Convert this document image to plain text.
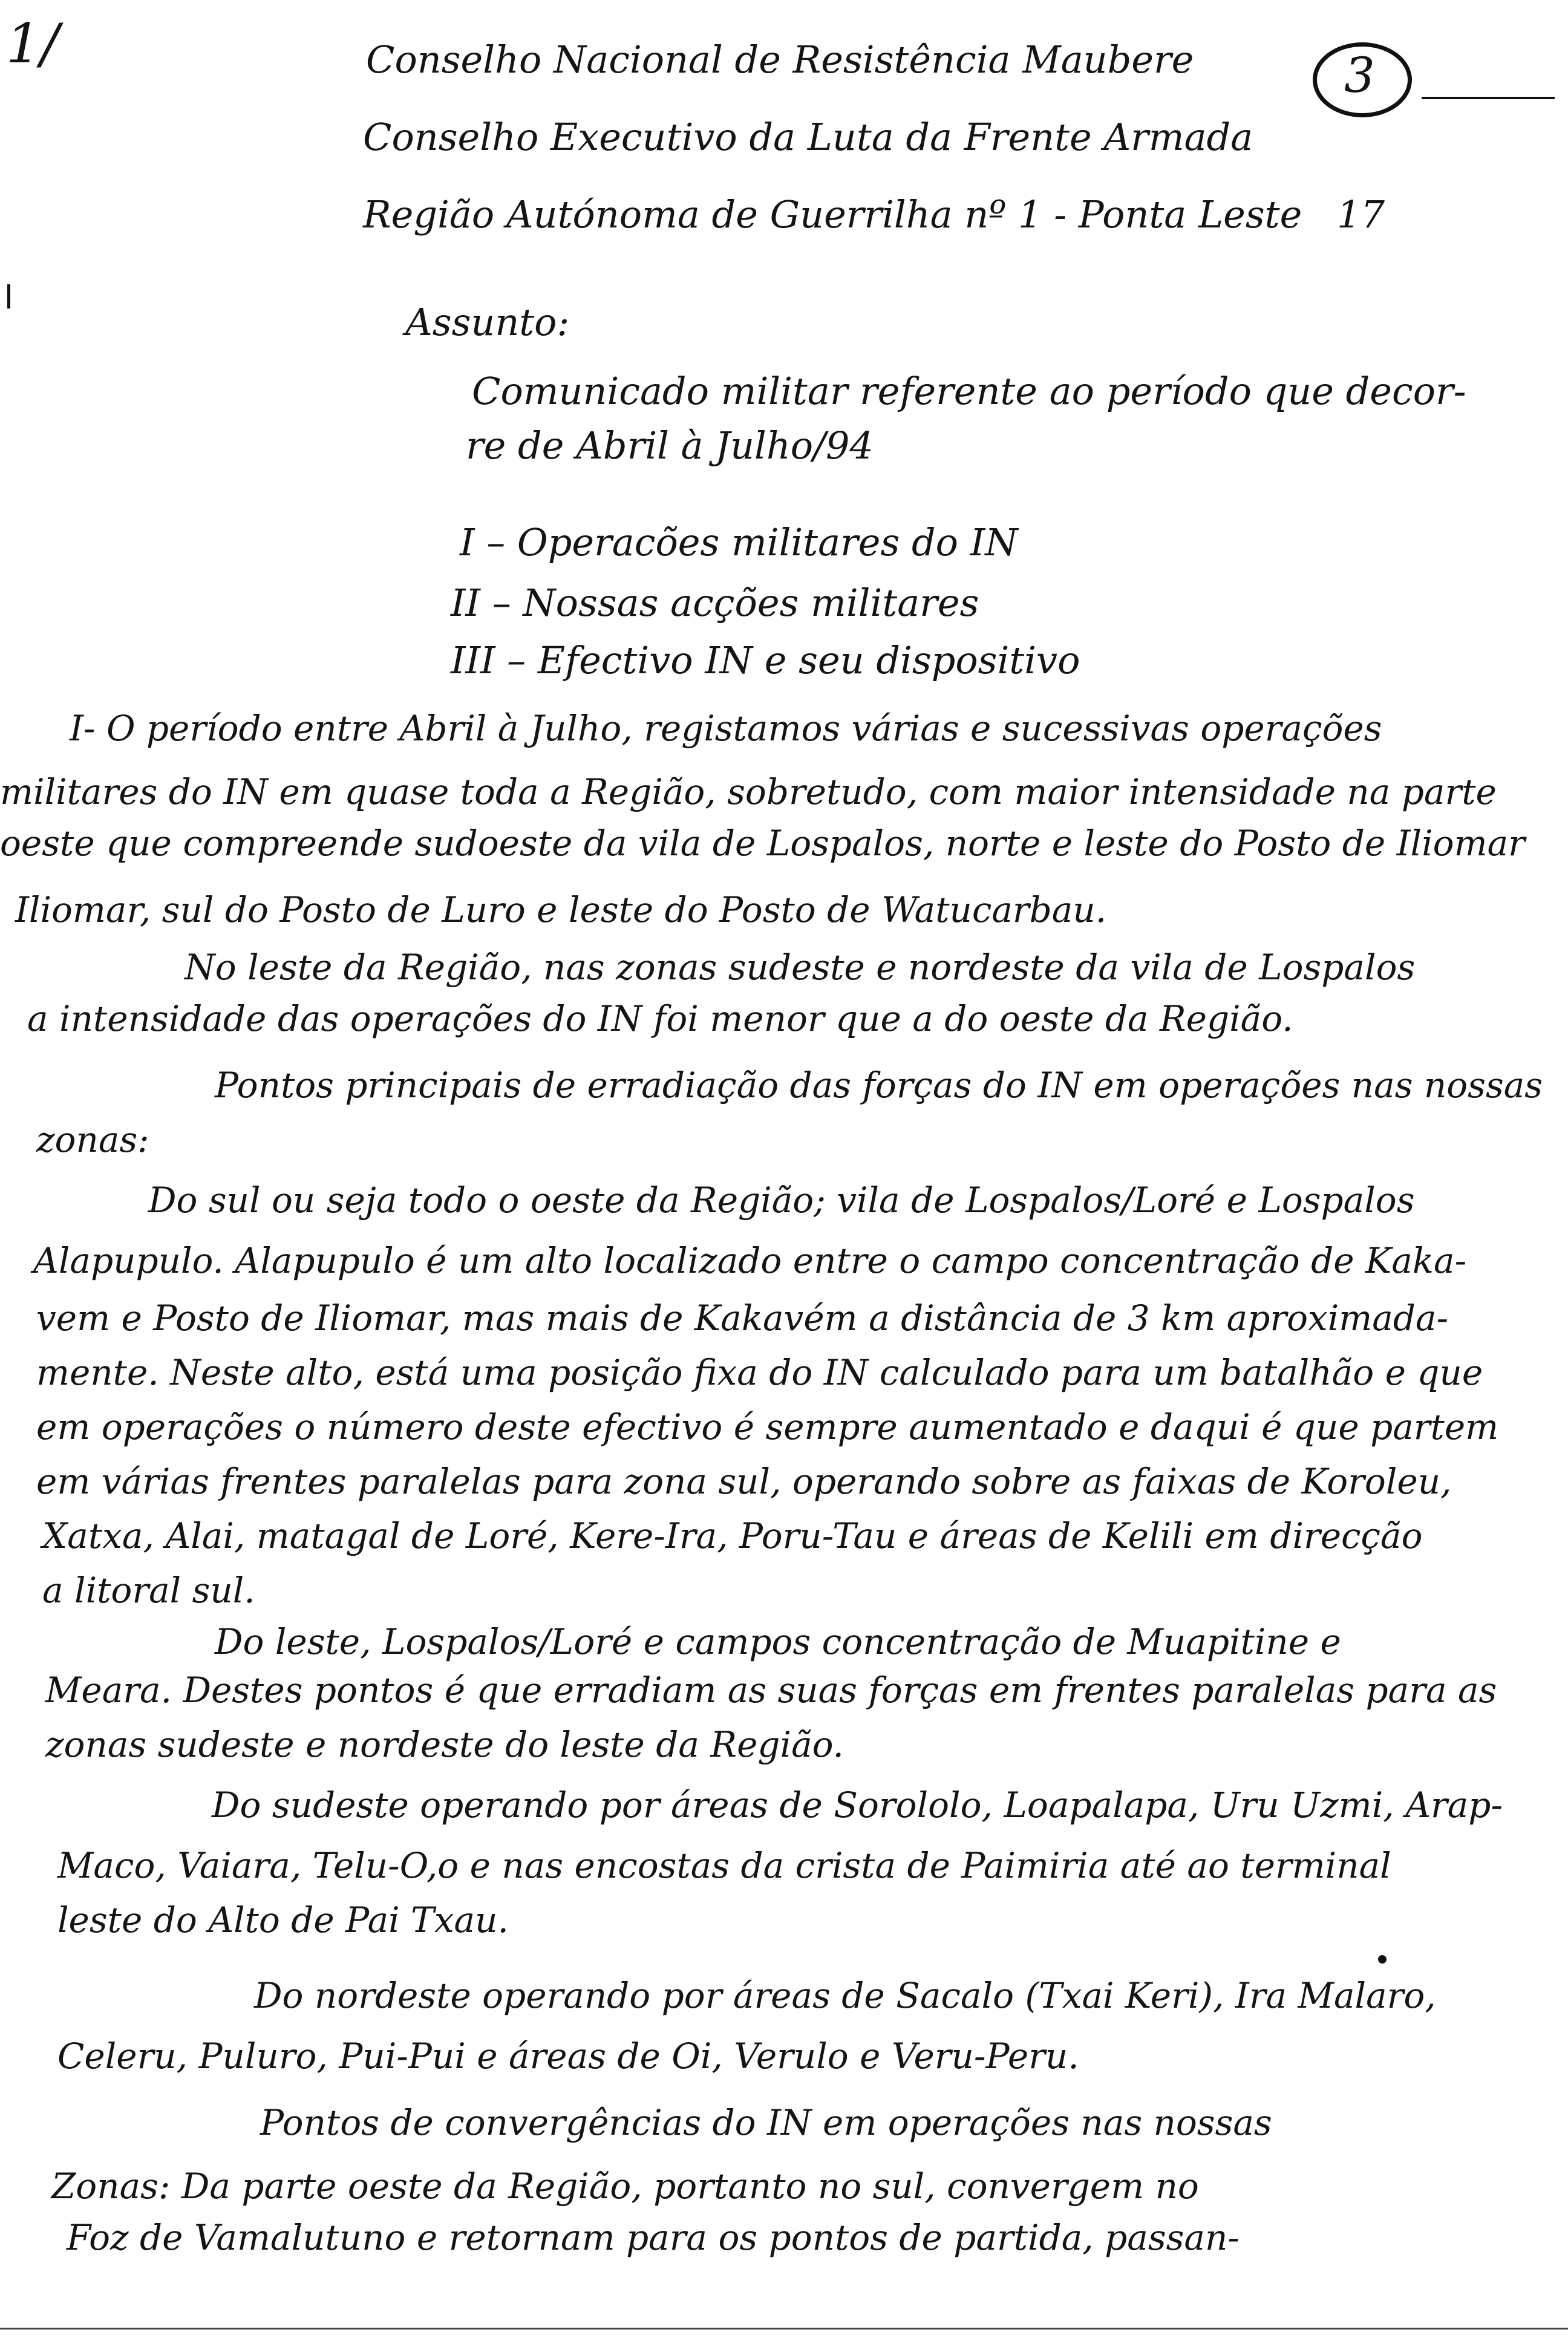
1/	Conselho Nacional de Resistência Maubere
Conselho Executivo da Luta da Frente Armada
Região Autónoma de Guerrilha nº 1 - Ponta Leste
3
17
Assunto:
Comunicado militar referente ao período que decor-
re de Abril à Julho/94
I – Operacões militares do IN
II – Nossas acções militares
III – Efectivo IN e seu dispositivo
I- O período entre Abril à Julho, registamos várias e sucessivas operações
militares do IN em quase toda a Região, sobretudo, com maior intensidade na parte
oeste que compreende sudoeste da vila de Lospalos, norte e leste do Posto de Iliomar
Iliomar, sul do Posto de Luro e leste do Posto de Watucarbau.
No leste da Região, nas zonas sudeste e nordeste da vila de Lospalos
a intensidade das operações do IN foi menor que a do oeste da Região.
Pontos principais de erradiação das forças do IN em operações nas nossas
zonas:
Do sul ou seja todo o oeste da Região; vila de Lospalos/Loré e Lospalos
Alapupulo. Alapupulo é um alto localizado entre o campo concentração de Kaka-
vem e Posto de Iliomar, mas mais de Kakavém a distância de 3 km aproximada-
mente. Neste alto, está uma posição fixa do IN calculado para um batalhão e que
em operações o número deste efectivo é sempre aumentado e daqui é que partem
em várias frentes paralelas para zona sul, operando sobre as faixas de Koroleu,
Xatxa, Alai, matagal de Loré, Kere-Ira, Poru-Tau e áreas de Kelili em direcção
a litoral sul.
Do leste, Lospalos/Loré e campos concentração de Muapitine e
Meara. Destes pontos é que erradiam as suas forças em frentes paralelas para as
zonas sudeste e nordeste do leste da Região.
Do sudeste operando por áreas de Sorololo, Loapalapa, Uru Uzmi, Arap-
Maco, Vaiara, Telu-O,o e nas encostas da crista de Paimiria até ao terminal
leste do Alto de Pai Txau.
Do nordeste operando por áreas de Sacalo (Txai Keri), Ira Malaro,
Celeru, Puluro, Pui-Pui e áreas de Oi, Verulo e Veru-Peru.
Pontos de convergências do IN em operações nas nossas
Zonas: Da parte oeste da Região, portanto no sul, convergem no
Foz de Vamalutuno e retornam para os pontos de partida, passan-
